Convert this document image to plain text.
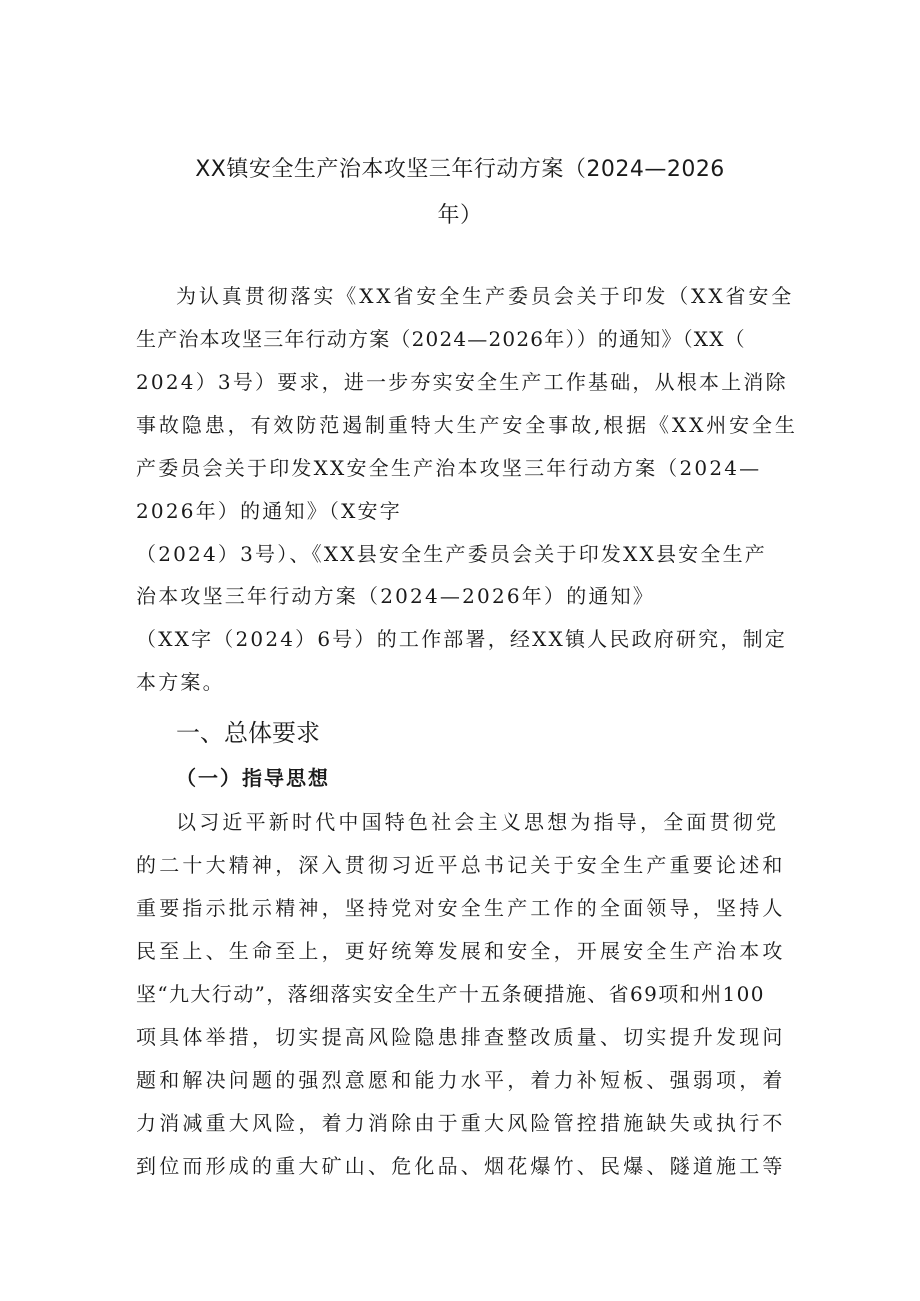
XX镇安全生产治本攻坚三年行动方案（2024—2026
年）

为认真贯彻落实《XX省安全生产委员会关于印发（XX省安全

生产治本攻坚三年行动方案（2024—2026年））的通知》（XX（

2024）3号）要求，进一步夯实安全生产工作基础，从根本上消除

事故隐患，有效防范遏制重特大生产安全事故,根据《XX州安全生

产委员会关于印发XX安全生产治本攻坚三年行动方案（2024—

2026年）的通知》（X安字

（2024）3号）、《XX县安全生产委员会关于印发XX县安全生产

治本攻坚三年行动方案（2024—2026年）的通知》

（XX字（2024）6号）的工作部署，经XX镇人民政府研究，制定

本方案。

一、总体要求
（一）指导思想

以习近平新时代中国特色社会主义思想为指导，全面贯彻党

的二十大精神，深入贯彻习近平总书记关于安全生产重要论述和

重要指示批示精神，坚持党对安全生产工作的全面领导，坚持人

民至上、生命至上，更好统筹发展和安全，开展安全生产治本攻

坚“九大行动”，落细落实安全生产十五条硬措施、省69项和州100

项具体举措，切实提高风险隐患排查整改质量、切实提升发现问

题和解决问题的强烈意愿和能力水平，着力补短板、强弱项，着

力消减重大风险，着力消除由于重大风险管控措施缺失或执行不

到位而形成的重大矿山、危化品、烟花爆竹、民爆、隧道施工等
